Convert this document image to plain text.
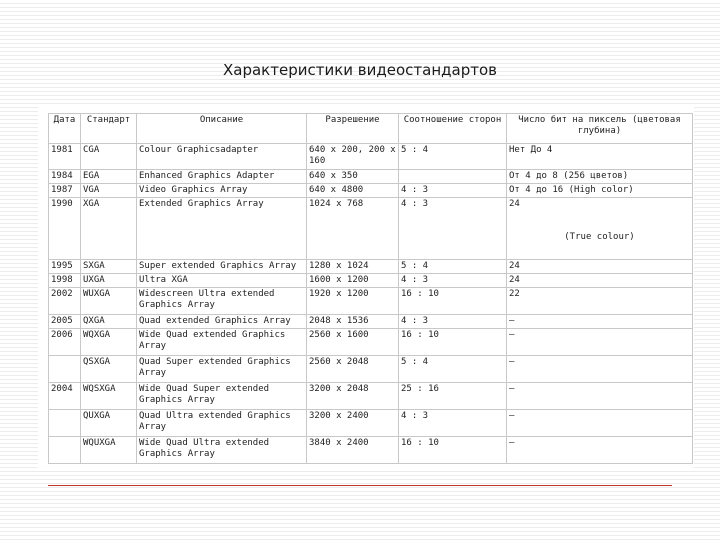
Характеристики видеостандартов
Дата	Стандарт	Описание	Разрешение	Соотношение сторон	Число бит на пиксель (цветовая глубина)
1981	CGA	Colour Graphicsadapter	640 x 200, 200 x 160	5 : 4	Нет До 4
1984	EGA	Enhanced Graphics Adapter	640 x 350		От 4 до 8 (256 цветов)
1987	VGA	Video Graphics Array	640 x 4800	4 : 3	От 4 до 16 (High color)
1990	XGA	Extended Graphics Array	1024 x 768	4 : 3	24
(True colour)

1995	SXGA	Super extended Graphics Array	1280 x 1024	5 : 4	24
1998	UXGA	Ultra XGA	1600 x 1200	4 : 3	24
2002	WUXGA	Widescreen Ultra extended Graphics Array	1920 x 1200	16 : 10	22
2005	QXGA	Quad extended Graphics Array	2048 x 1536	4 : 3	–
2006	WQXGA	Wide Quad extended Graphics Array	2560 x 1600	16 : 10	–
	QSXGA	Quad Super extended Graphics Array	2560 x 2048	5 : 4	–
2004	WQSXGA	Wide Quad Super extended Graphics Array	3200 x 2048	25 : 16	–
	QUXGA	Quad Ultra extended Graphics Array	3200 x 2400	4 : 3	–
	WQUXGA	Wide Quad Ultra extended Graphics Array	3840 x 2400	16 : 10	–
